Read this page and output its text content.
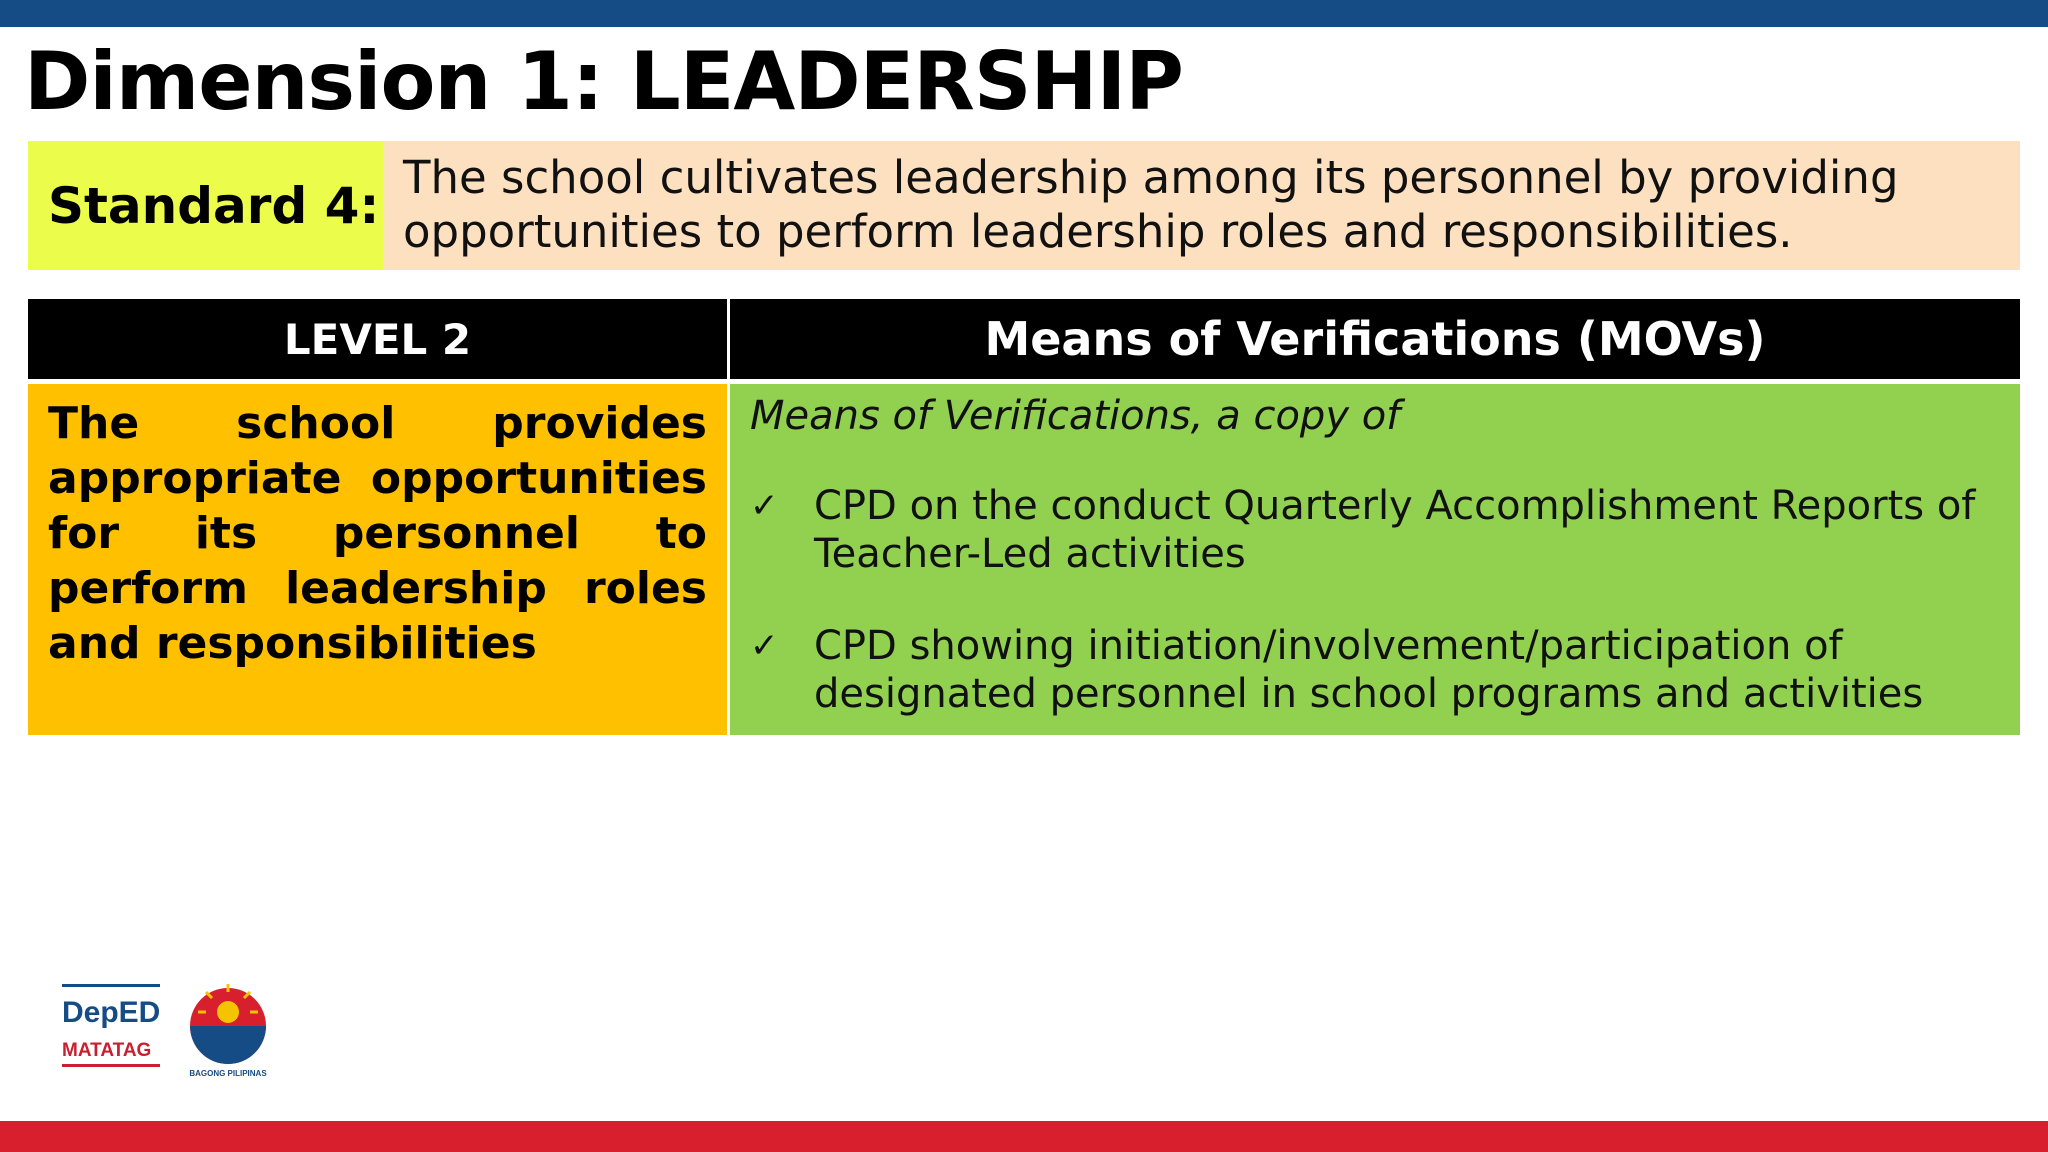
Dimension 1: LEADERSHIP
Standard 4: The school cultivates leadership among its personnel by providing opportunities to perform leadership roles and responsibilities.
LEVEL 2	Means of Verifications (MOVs)
The school provides appropriate opportunities for its personnel to perform leadership roles and responsibilities
Means of Verifications, a copy of
✓ CPD on the conduct Quarterly Accomplishment Reports of Teacher-Led activities
✓ CPD showing initiation/involvement/participation of designated personnel in school programs and activities
DepED
MATATAG
BAGONG PILIPINAS
